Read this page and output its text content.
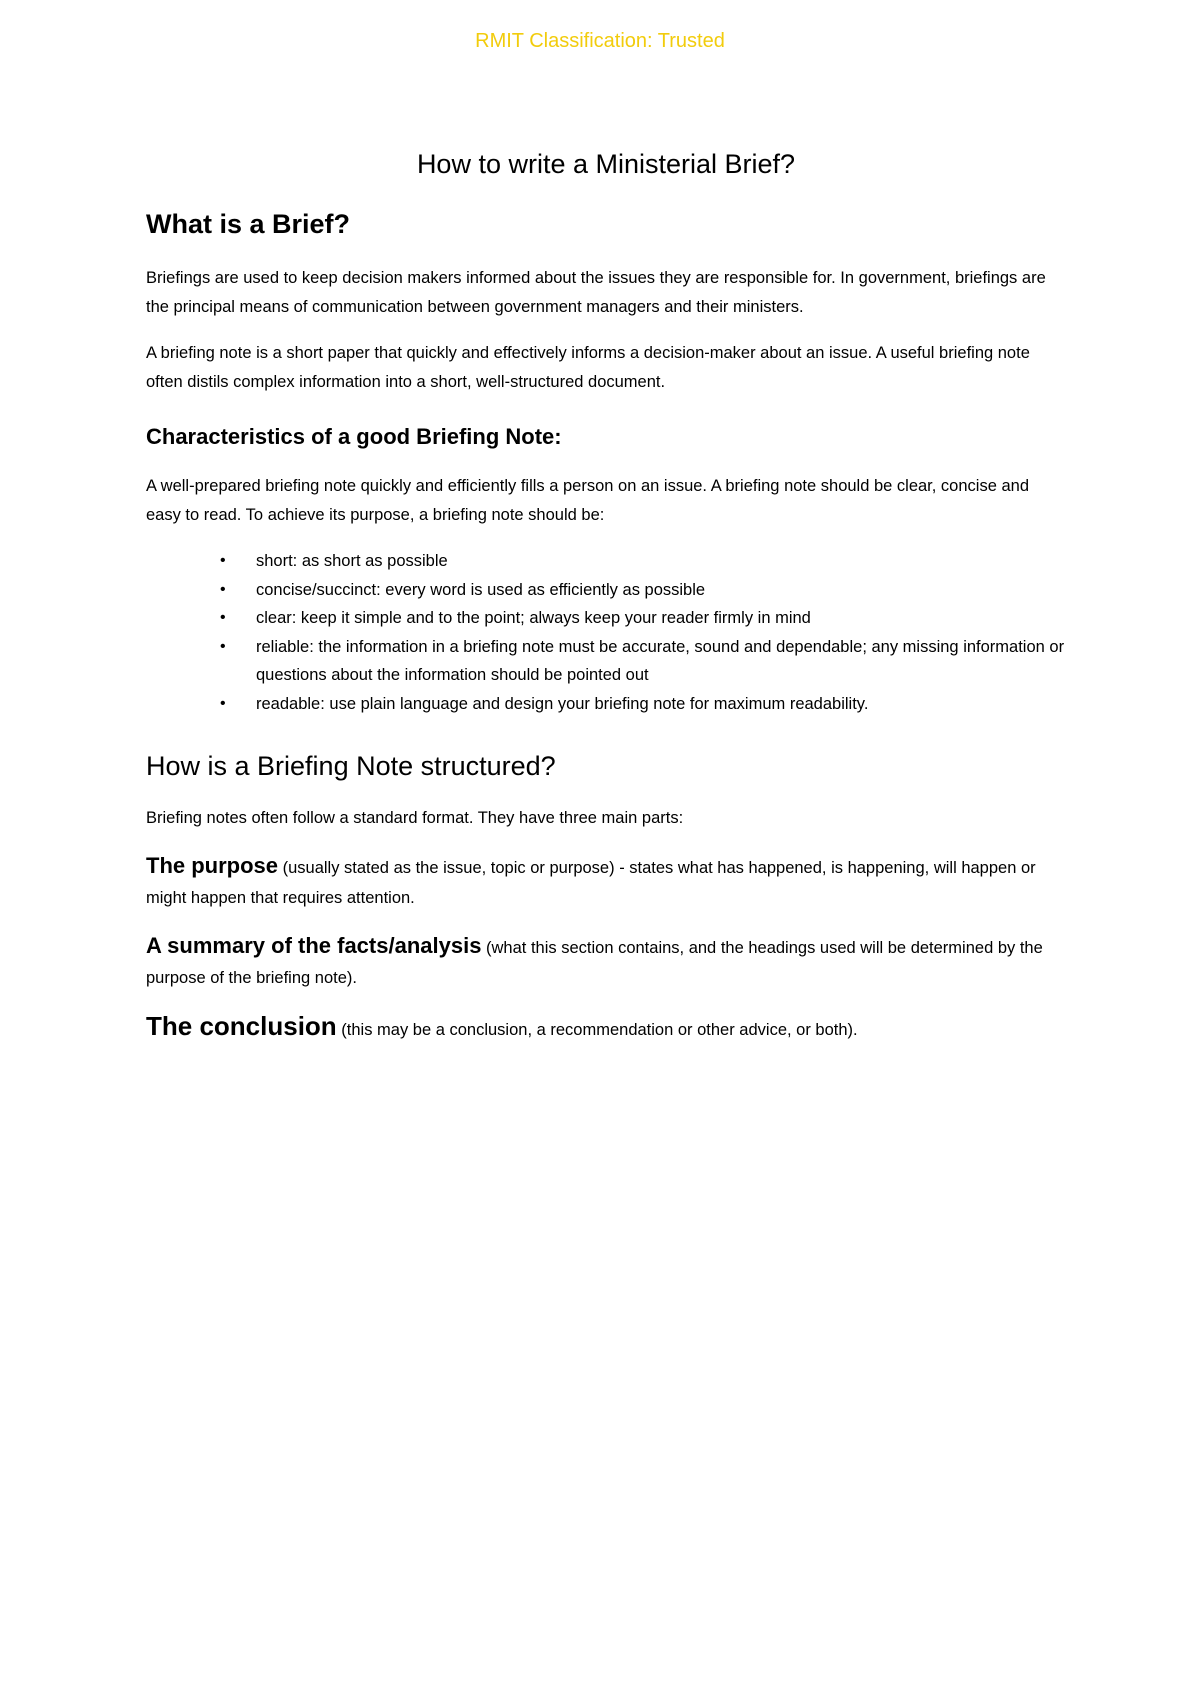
RMIT Classification: Trusted
How to write a Ministerial Brief?
What is a Brief?

Briefings are used to keep decision makers informed about the issues they are responsible for. In government, briefings are the principal means of communication between government managers and their ministers.

A briefing note is a short paper that quickly and effectively informs a decision-maker about an issue. A useful briefing note often distils complex information into a short, well-structured document.

Characteristics of a good Briefing Note:

A well-prepared briefing note quickly and efficiently fills a person on an issue. A briefing note should be clear, concise and easy to read. To achieve its purpose, a briefing note should be:

• short: as short as possible
• concise/succinct: every word is used as efficiently as possible
• clear: keep it simple and to the point; always keep your reader firmly in mind
• reliable: the information in a briefing note must be accurate, sound and dependable; any missing information or questions about the information should be pointed out
• readable: use plain language and design your briefing note for maximum readability.
How is a Briefing Note structured?

Briefing notes often follow a standard format. They have three main parts:

The purpose (usually stated as the issue, topic or purpose) - states what has happened, is happening, will happen or might happen that requires attention.
A summary of the facts/analysis (what this section contains, and the headings used will be determined by the purpose of the briefing note).
The conclusion (this may be a conclusion, a recommendation or other advice, or both).
